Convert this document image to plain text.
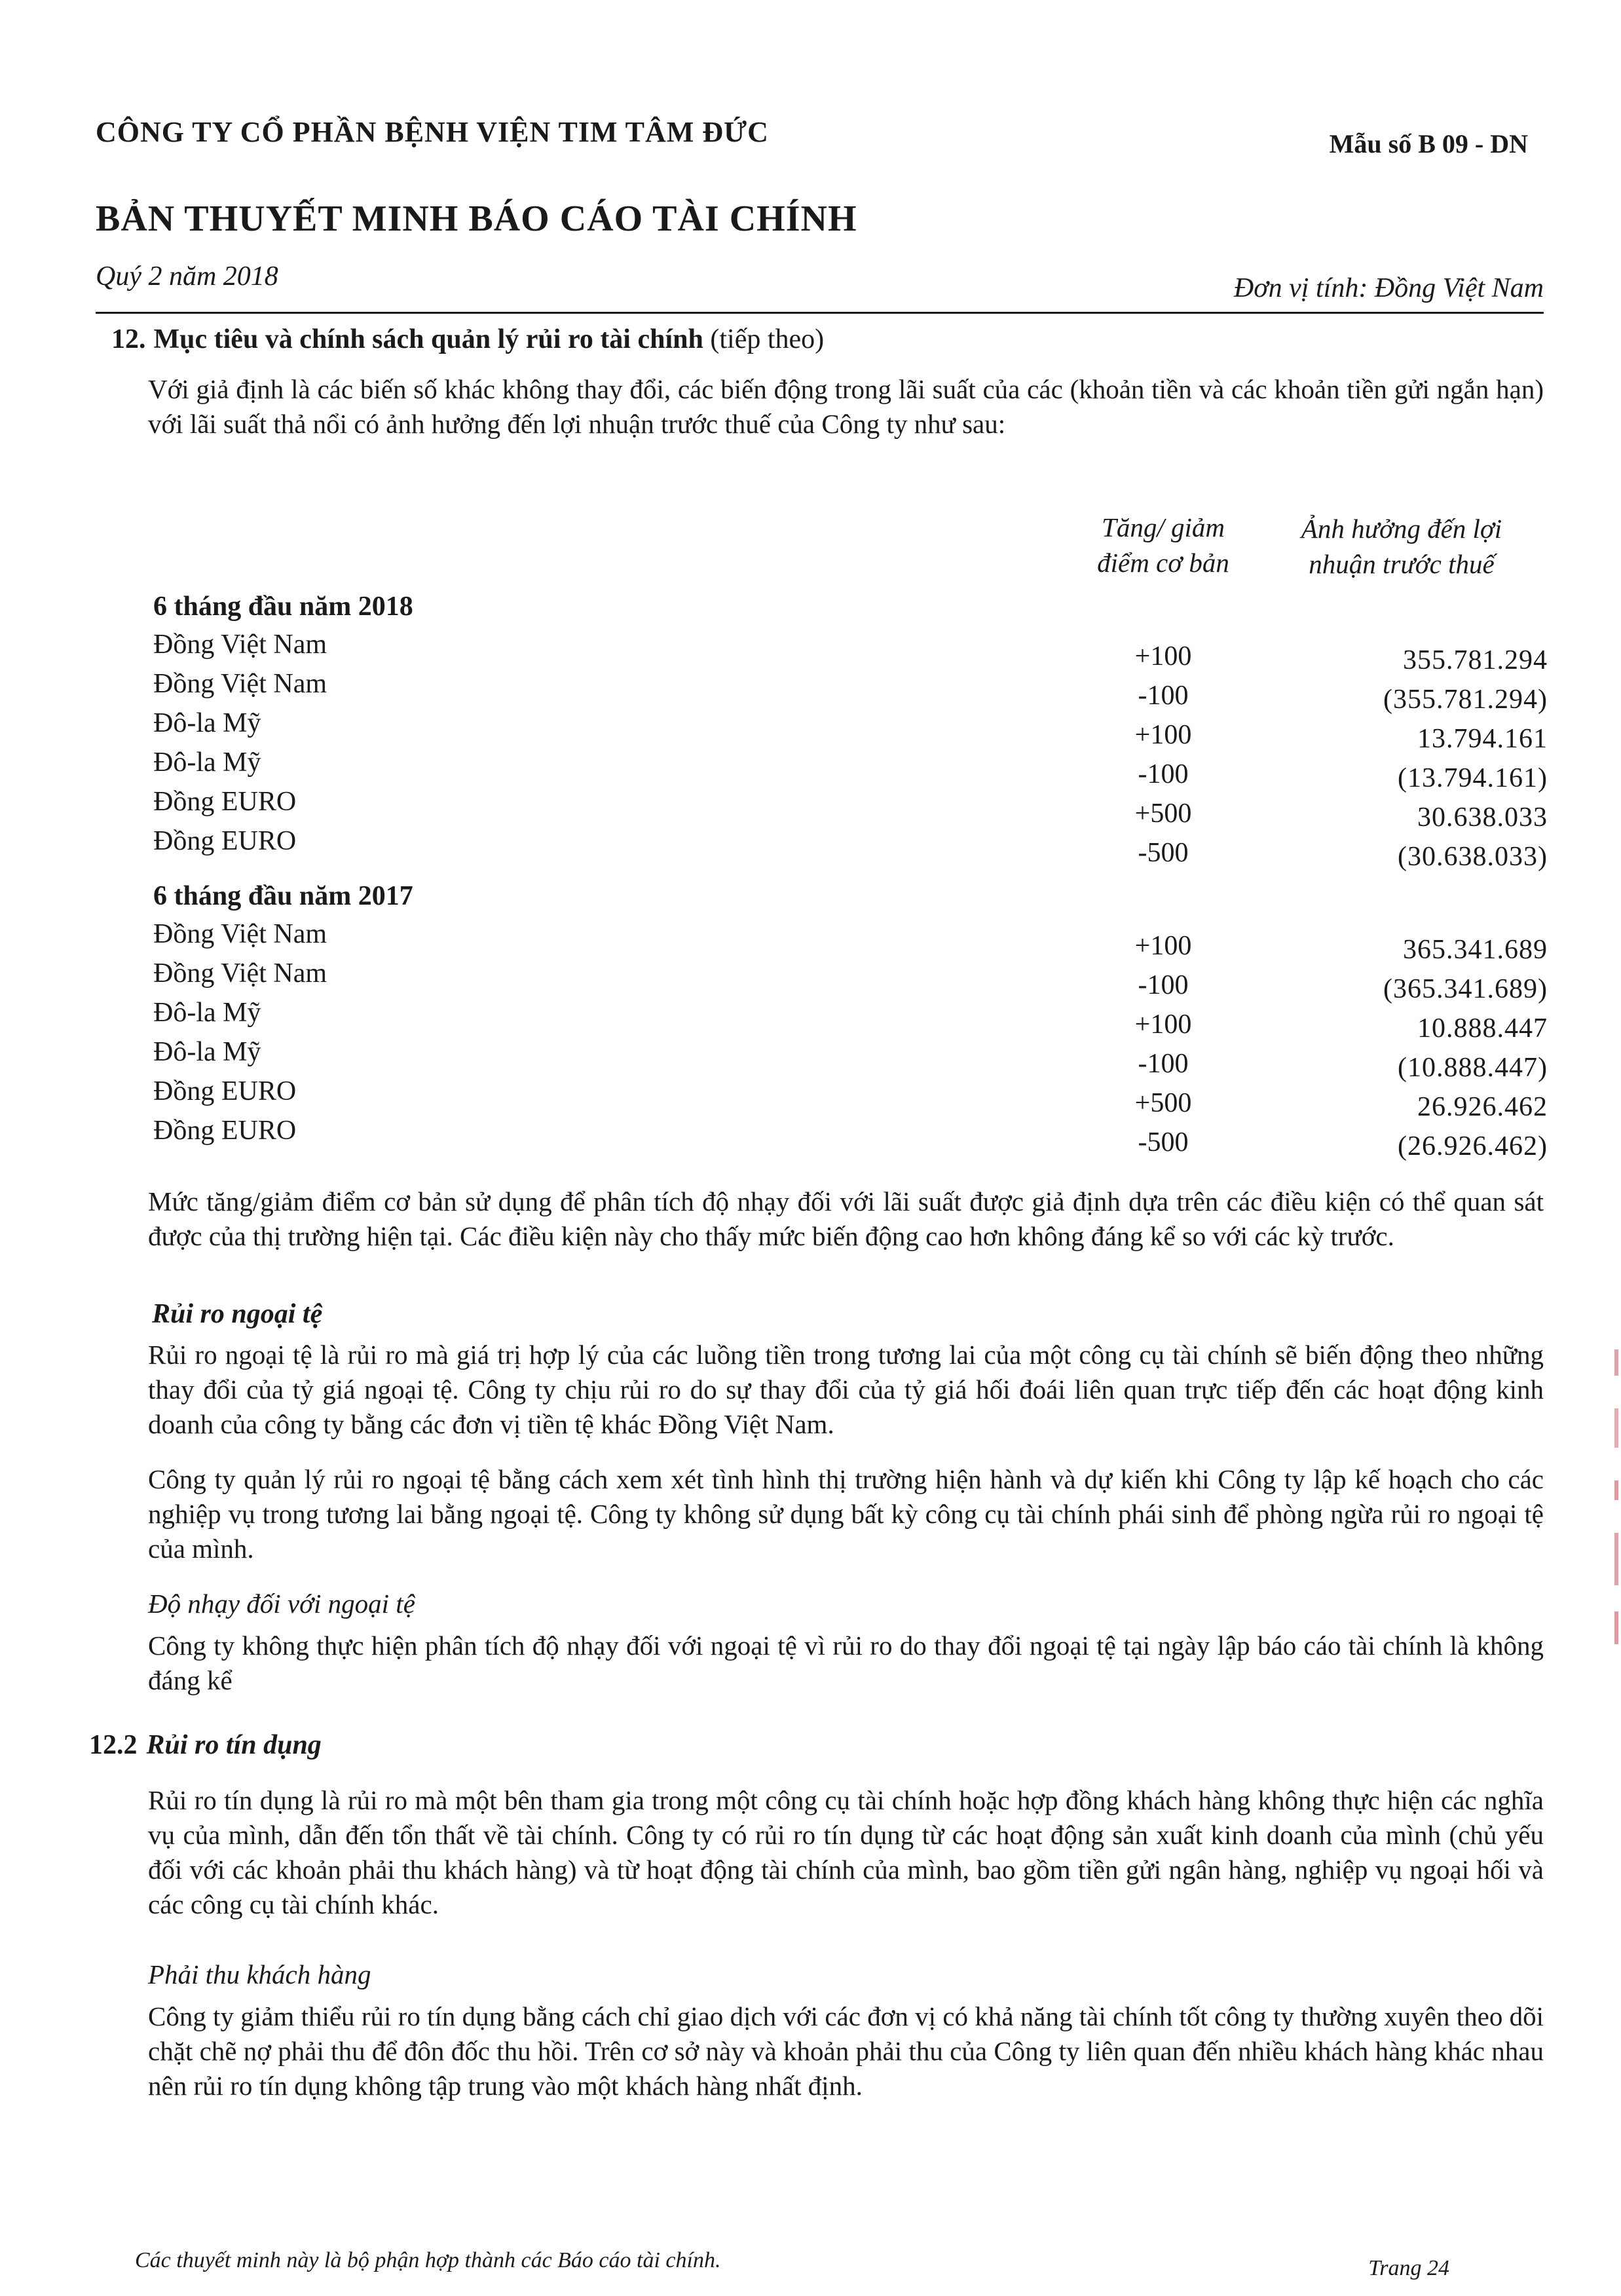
CÔNG TY CỔ PHẦN BỆNH VIỆN TIM TÂM ĐỨC	Mẫu số B 09 - DN
BẢN THUYẾT MINH BÁO CÁO TÀI CHÍNH
Quý 2 năm 2018	Đơn vị tính: Đồng Việt Nam
12. Mục tiêu và chính sách quản lý rủi ro tài chính (tiếp theo)
Với giả định là các biến số khác không thay đổi, các biến động trong lãi suất của các (khoản tiền và các khoản tiền gửi ngắn hạn) với lãi suất thả nổi có ảnh hưởng đến lợi nhuận trước thuế của Công ty như sau:
Tăng/ giảm
điểm cơ bản
Ảnh hưởng đến lợi
nhuận trước thuế
6 tháng đầu năm 2018
Đồng Việt Nam	+100	355.781.294
Đồng Việt Nam	-100	(355.781.294)
Đô-la Mỹ	+100	13.794.161
Đô-la Mỹ	-100	(13.794.161)
Đồng EURO	+500	30.638.033
Đồng EURO	-500	(30.638.033)
6 tháng đầu năm 2017
Đồng Việt Nam	+100	365.341.689
Đồng Việt Nam	-100	(365.341.689)
Đô-la Mỹ	+100	10.888.447
Đô-la Mỹ	-100	(10.888.447)
Đồng EURO	+500	26.926.462
Đồng EURO	-500	(26.926.462)
Mức tăng/giảm điểm cơ bản sử dụng để phân tích độ nhạy đối với lãi suất được giả định dựa trên các điều kiện có thể quan sát được của thị trường hiện tại. Các điều kiện này cho thấy mức biến động cao hơn không đáng kể so với các kỳ trước.
Rủi ro ngoại tệ
Rủi ro ngoại tệ là rủi ro mà giá trị hợp lý của các luồng tiền trong tương lai của một công cụ tài chính sẽ biến động theo những thay đổi của tỷ giá ngoại tệ. Công ty chịu rủi ro do sự thay đổi của tỷ giá hối đoái liên quan trực tiếp đến các hoạt động kinh doanh của công ty bằng các đơn vị tiền tệ khác Đồng Việt Nam.
Công ty quản lý rủi ro ngoại tệ bằng cách xem xét tình hình thị trường hiện hành và dự kiến khi Công ty lập kế hoạch cho các nghiệp vụ trong tương lai bằng ngoại tệ. Công ty không sử dụng bất kỳ công cụ tài chính phái sinh để phòng ngừa rủi ro ngoại tệ của mình.
Độ nhạy đối với ngoại tệ
Công ty không thực hiện phân tích độ nhạy đối với ngoại tệ vì rủi ro do thay đổi ngoại tệ tại ngày lập báo cáo tài chính là không đáng kể
12.2 Rủi ro tín dụng
Rủi ro tín dụng là rủi ro mà một bên tham gia trong một công cụ tài chính hoặc hợp đồng khách hàng không thực hiện các nghĩa vụ của mình, dẫn đến tổn thất về tài chính. Công ty có rủi ro tín dụng từ các hoạt động sản xuất kinh doanh của mình (chủ yếu đối với các khoản phải thu khách hàng) và từ hoạt động tài chính của mình, bao gồm tiền gửi ngân hàng, nghiệp vụ ngoại hối và các công cụ tài chính khác.
Phải thu khách hàng
Công ty giảm thiểu rủi ro tín dụng bằng cách chỉ giao dịch với các đơn vị có khả năng tài chính tốt công ty thường xuyên theo dõi chặt chẽ nợ phải thu để đôn đốc thu hồi. Trên cơ sở này và khoản phải thu của Công ty liên quan đến nhiều khách hàng khác nhau nên rủi ro tín dụng không tập trung vào một khách hàng nhất định.
Các thuyết minh này là bộ phận hợp thành các Báo cáo tài chính.	Trang 24
